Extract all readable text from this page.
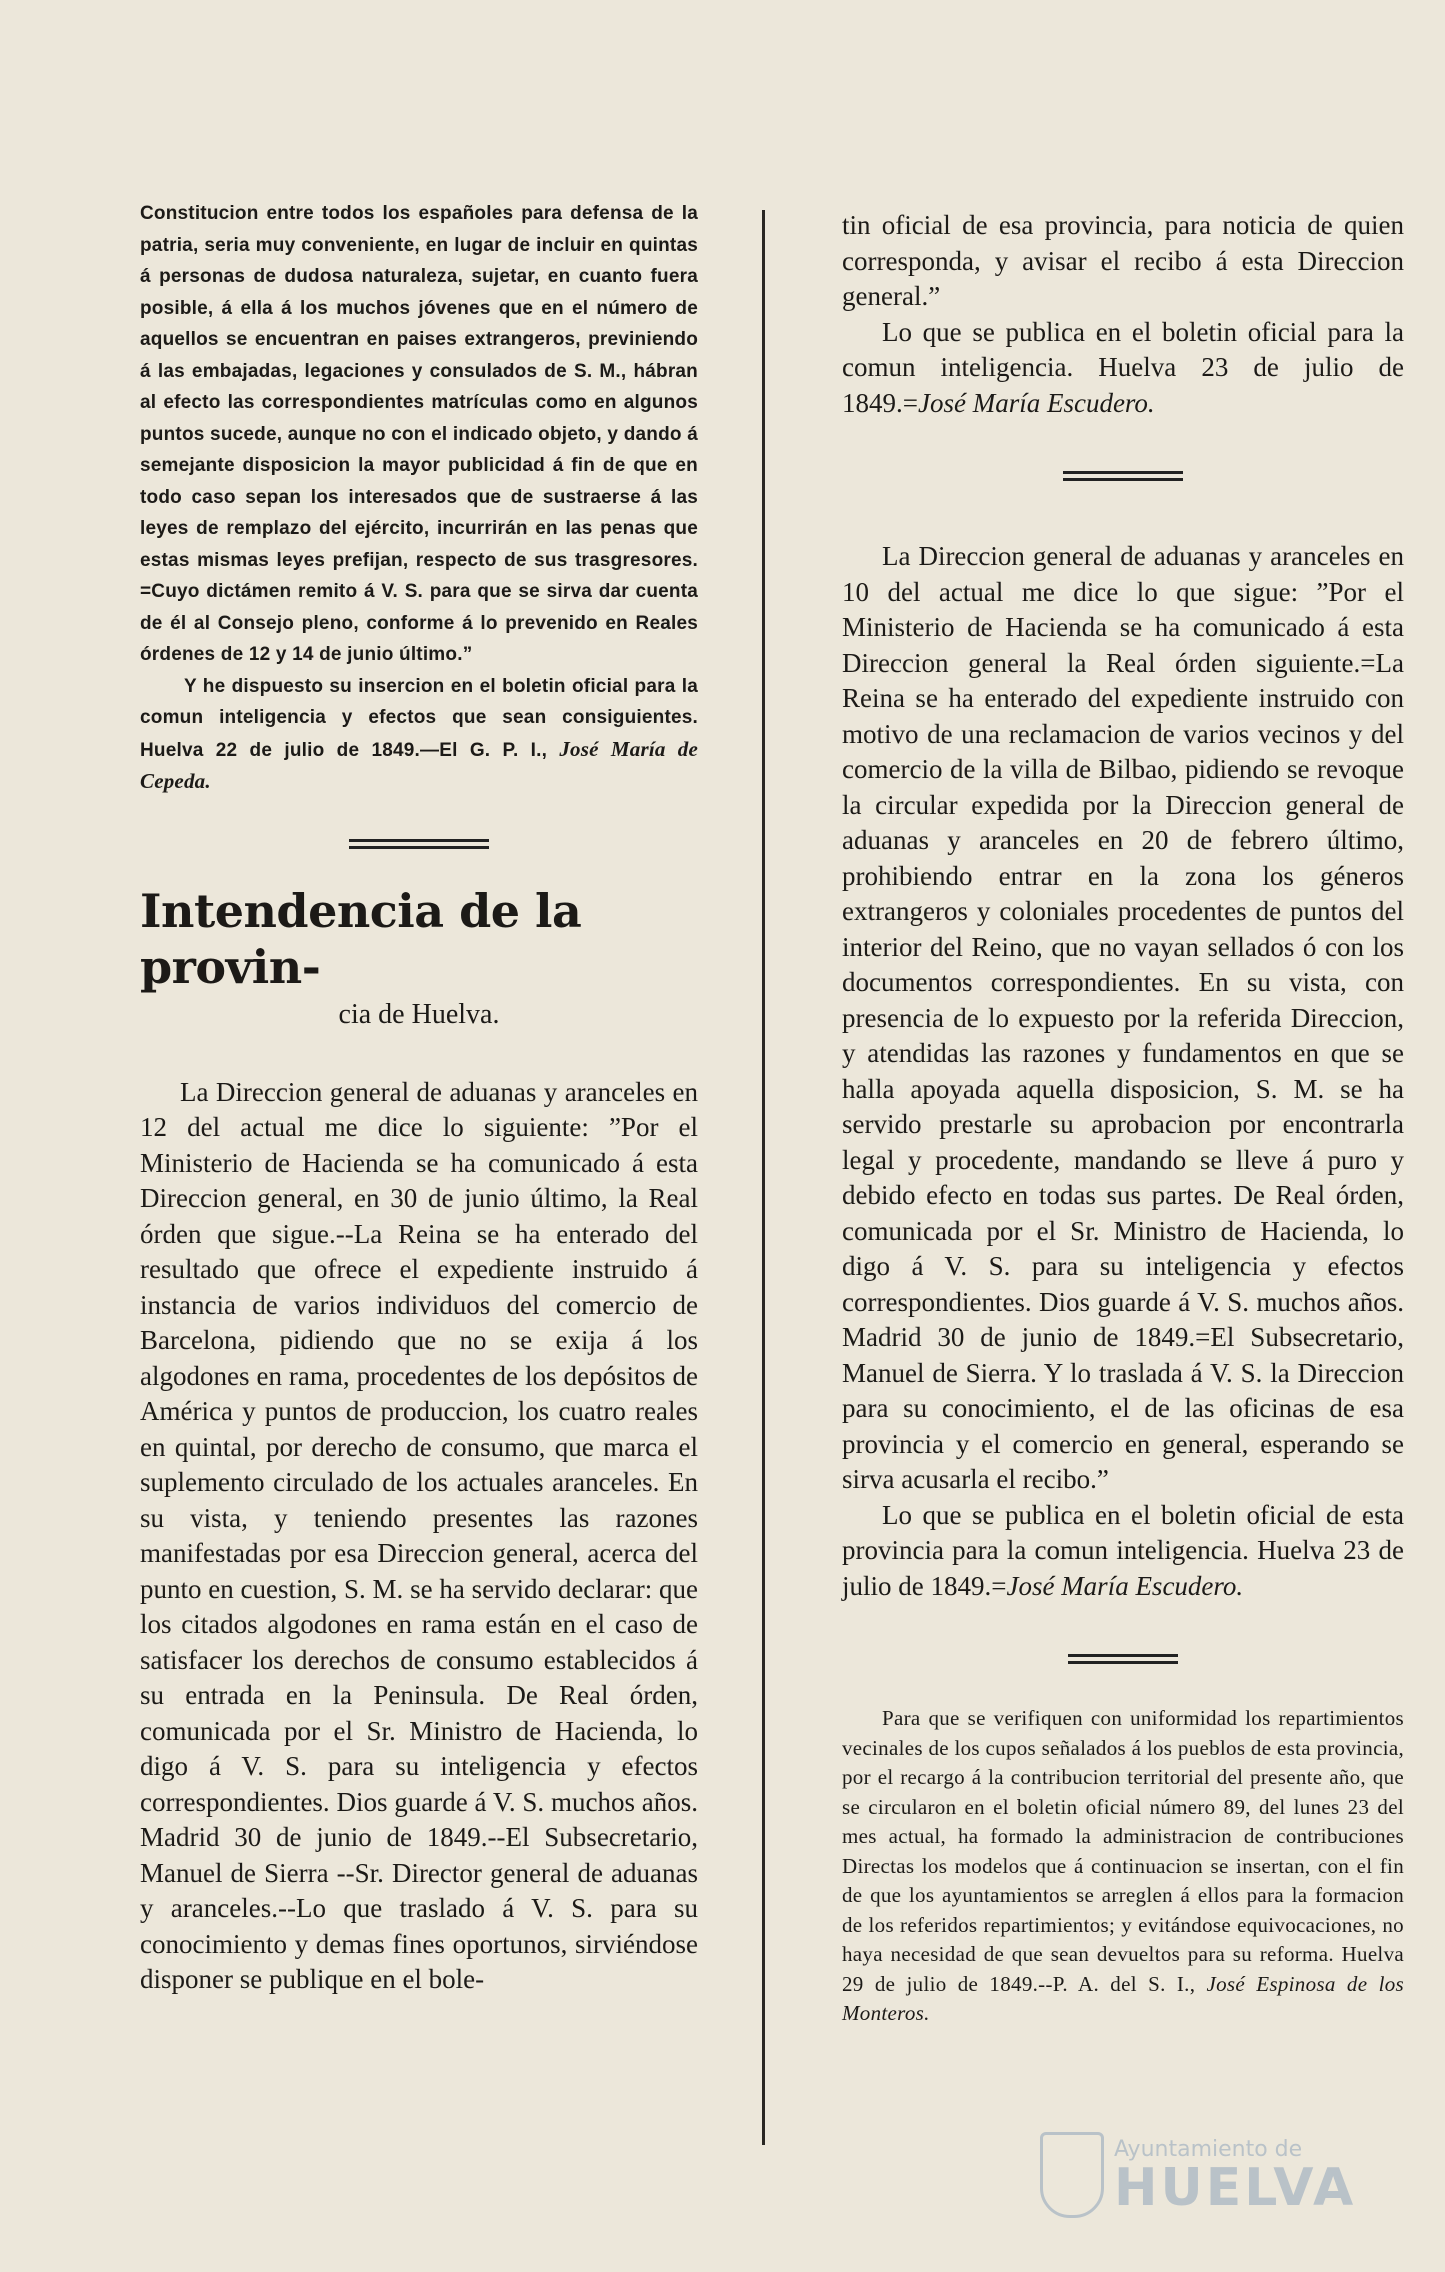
Constitucion entre todos los españoles para defensa de la patria, seria muy conveniente, en lugar de incluir en quintas á personas de dudosa naturaleza, sujetar, en cuanto fuera posible, á ella á los muchos jóvenes que en el número de aquellos se encuentran en paises extrangeros, previniendo á las embajadas, legaciones y consulados de S. M., hábran al efecto las correspondientes matrículas como en algunos puntos sucede, aunque no con el indicado objeto, y dando á semejante disposicion la mayor publicidad á fin de que en todo caso sepan los interesados que de sustraerse á las leyes de remplazo del ejército, incurrirán en las penas que estas mismas leyes prefijan, respecto de sus trasgresores. =Cuyo dictámen remito á V. S. para que se sirva dar cuenta de él al Consejo pleno, conforme á lo prevenido en Reales órdenes de 12 y 14 de junio último.”

Y he dispuesto su insercion en el boletin oficial para la comun inteligencia y efectos que sean consiguientes. Huelva 22 de julio de 1849.—El G. P. I., José María de Cepeda.

Intendencia de la provin-
cia de Huelva.

La Direccion general de aduanas y aranceles en 12 del actual me dice lo siguiente: ”Por el Ministerio de Hacienda se ha comunicado á esta Direccion general, en 30 de junio último, la Real órden que sigue.--La Reina se ha enterado del resultado que ofrece el expediente instruido á instancia de varios individuos del comercio de Barcelona, pidiendo que no se exija á los algodones en rama, procedentes de los depósitos de América y puntos de produccion, los cuatro reales en quintal, por derecho de consumo, que marca el suplemento circulado de los actuales aranceles. En su vista, y teniendo presentes las razones manifestadas por esa Direccion general, acerca del punto en cuestion, S. M. se ha servido declarar: que los citados algodones en rama están en el caso de satisfacer los derechos de consumo establecidos á su entrada en la Peninsula. De Real órden, comunicada por el Sr. Ministro de Hacienda, lo digo á V. S. para su inteligencia y efectos correspondientes. Dios guarde á V. S. muchos años. Madrid 30 de junio de 1849.--El Subsecretario, Manuel de Sierra --Sr. Director general de aduanas y aranceles.--Lo que traslado á V. S. para su conocimiento y demas fines oportunos, sirviéndose disponer se publique en el bole-

tin oficial de esa provincia, para noticia de quien corresponda, y avisar el recibo á esta Direccion general.”

Lo que se publica en el boletin oficial para la comun inteligencia. Huelva 23 de julio de 1849.=José María Escudero.

La Direccion general de aduanas y aranceles en 10 del actual me dice lo que sigue: ”Por el Ministerio de Hacienda se ha comunicado á esta Direccion general la Real órden siguiente.=La Reina se ha enterado del expediente instruido con motivo de una reclamacion de varios vecinos y del comercio de la villa de Bilbao, pidiendo se revoque la circular expedida por la Direccion general de aduanas y aranceles en 20 de febrero último, prohibiendo entrar en la zona los géneros extrangeros y coloniales procedentes de puntos del interior del Reino, que no vayan sellados ó con los documentos correspondientes. En su vista, con presencia de lo expuesto por la referida Direccion, y atendidas las razones y fundamentos en que se halla apoyada aquella disposicion, S. M. se ha servido prestarle su aprobacion por encontrarla legal y procedente, mandando se lleve á puro y debido efecto en todas sus partes. De Real órden, comunicada por el Sr. Ministro de Hacienda, lo digo á V. S. para su inteligencia y efectos correspondientes. Dios guarde á V. S. muchos años. Madrid 30 de junio de 1849.=El Subsecretario, Manuel de Sierra. Y lo traslada á V. S. la Direccion para su conocimiento, el de las oficinas de esa provincia y el comercio en general, esperando se sirva acusarla el recibo.”

Lo que se publica en el boletin oficial de esta provincia para la comun inteligencia. Huelva 23 de julio de 1849.=José María Escudero.

Para que se verifiquen con uniformidad los repartimientos vecinales de los cupos señalados á los pueblos de esta provincia, por el recargo á la contribucion territorial del presente año, que se circularon en el boletin oficial número 89, del lunes 23 del mes actual, ha formado la administracion de contribuciones Directas los modelos que á continuacion se insertan, con el fin de que los ayuntamientos se arreglen á ellos para la formacion de los referidos repartimientos; y evitándose equivocaciones, no haya necesidad de que sean devueltos para su reforma. Huelva 29 de julio de 1849.--P. A. del S. I., José Espinosa de los Monteros.

Ayuntamiento de
HUELVA
